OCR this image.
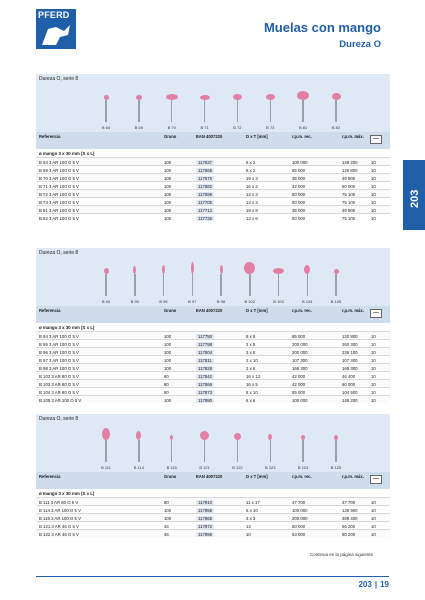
PFERD
Muelas con mango
Dureza O
203
Dureza O, serie 8
B 64	B 69	B 70	B 71	B 72	B 73	B 81	B 82
Referencia	Grano	EAN 4007220	D x T [mm]	r.p.m. rec.	r.p.m. máx.
ø mango 3 x 30 mm (S x L)
B 64 3 AR 100 O 5 V	100	117637	6 x 2	100 000	149 200	10
B 69 3 AR 100 O 5 V	100	117668	8 x 2	85 000	120 800	10
B 70 3 AR 100 O 5 V	100	117675	19 x 3	35 000	49 900	10
B 71 3 AR 100 O 5 V	100	117682	16 x 2	42 000	60 000	10
B 72 3 AR 100 O 5 V	100	117699	13 x 3	50 000	75 100	10
B 73 3 AR 100 O 5 V	100	117705	13 x 3	50 000	75 100	10
B 81 3 AR 100 O 5 V	100	117712	19 x 8	35 000	49 900	10
B 82 3 AR 100 O 5 V	100	117736	13 x 6	50 000	75 100	10
Dureza O, serie 8
B 94	B 95	B 96	B 97	B 98	B 102	B 103	B 104	B 105
Referencia	Grano	EAN 4007220	D x T [mm]	r.p.m. rec.	r.p.m. máx.
ø mango 3 x 30 mm (S x L)
B 94 3 AR 100 O 5 V	100	117750	8 x 5	85 000	120 800	10
B 95 3 AR 100 O 5 V	100	117798	3 x 5	200 000	260 300	10
B 96 3 AR 100 O 5 V	100	117804	3 x 6	200 000	236 100	10
B 97 3 AR 100 O 5 V	100	117811	2 x 10	107 300	107 300	10
B 98 3 AR 100 O 5 V	100	117828	2 x 6	168 300	168 300	10
B 102 3 AR 80 O 5 V	80	117842	16 x 13	42 000	46 400	10
B 103 3 AR 80 O 5 V	80	117866	16 x 5	42 000	60 000	10
B 104 3 AR 80 O 5 V	80	117873	8 x 10	85 000	104 500	10
B 105 3 AR 100 O 5 V	100	117880	6 x 6	100 000	149 200	10
Dureza O, serie 8
B 111	B 114	B 115	B 121	B 122	B 123	B 124	B 125
Referencia	Grano	EAN 4007220	D x T [mm]	r.p.m. rec.	r.p.m. máx.
ø mango 3 x 30 mm (S x L)
B 111 3 AR 80 O 5 V	80	117910	11 x 17	47 700	47 700	10
B 114 3 AR 100 O 5 V	100	117958	6 x 10	100 000	136 900	10
B 115 3 AR 100 O 5 V	100	117965	2 x 3	200 000	289 400	10
B 121 3 AR 46 O 5 V	46	117972	13	50 000	56 200	10
B 122 3 AR 46 O 5 V	46	117996	10	63 000	80 200	10
Continua en la página siguiente
203 | 19
